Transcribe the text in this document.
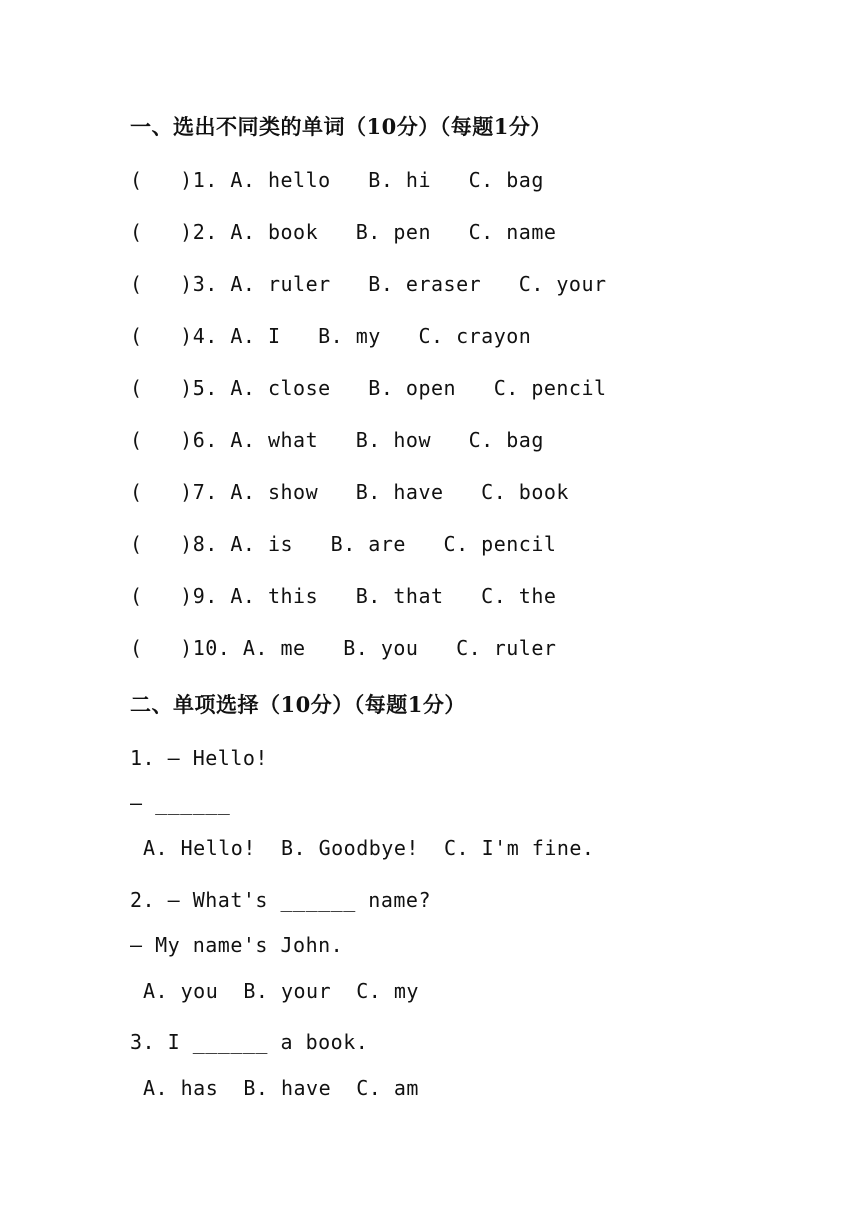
一、选出不同类的单词（10分）（每题1分）
(   )1. A. hello   B. hi   C. bag
(   )2. A. book   B. pen   C. name
(   )3. A. ruler   B. eraser   C. your
(   )4. A. I   B. my   C. crayon
(   )5. A. close   B. open   C. pencil
(   )6. A. what   B. how   C. bag
(   )7. A. show   B. have   C. book
(   )8. A. is   B. are   C. pencil
(   )9. A. this   B. that   C. the
(   )10. A. me   B. you   C. ruler
二、单项选择（10分）（每题1分）
1. — Hello!
— ______
A. Hello!  B. Goodbye!  C. I'm fine.
2. — What's ______ name?
— My name's John.
A. you  B. your  C. my
3. I ______ a book.
A. has  B. have  C. am
